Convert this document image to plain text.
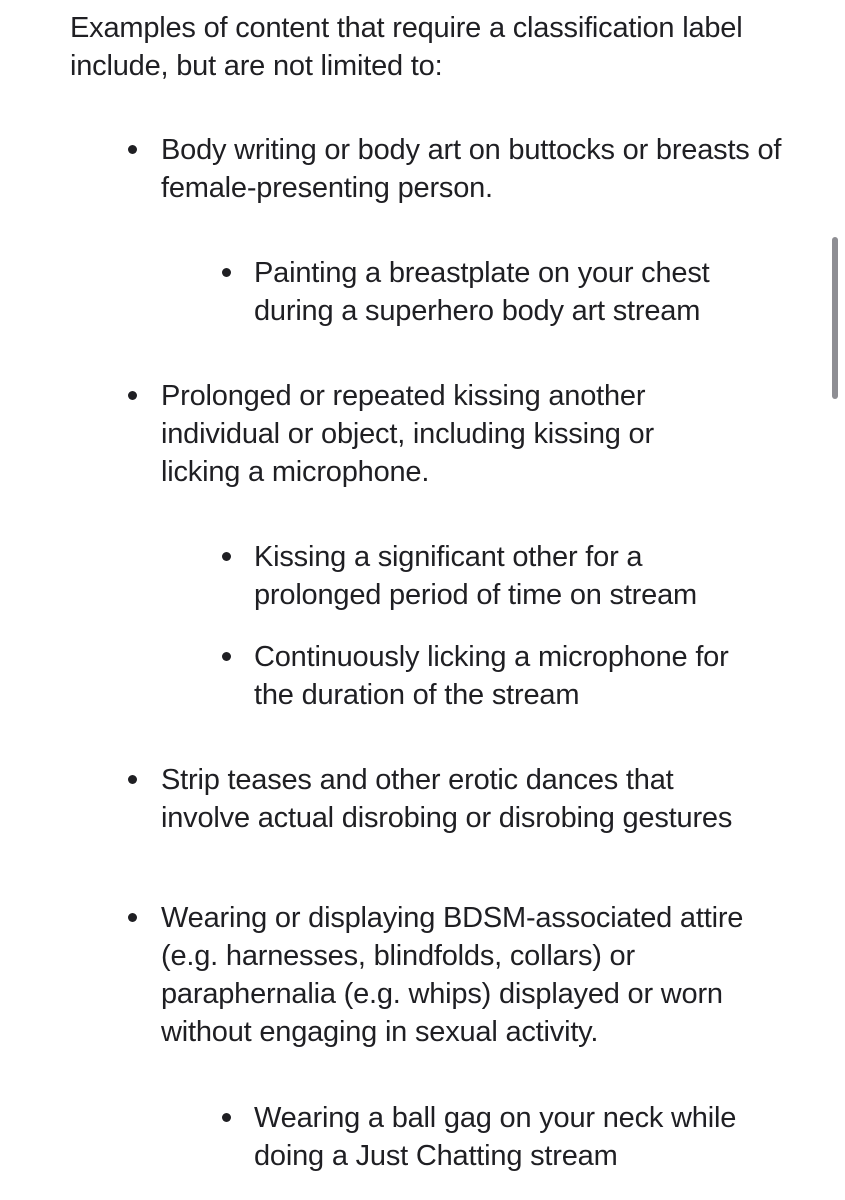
Examples of content that require a classification label include, but are not limited to:
Body writing or body art on buttocks or breasts of female-presenting person.
Painting a breastplate on your chest during a superhero body art stream
Prolonged or repeated kissing another individual or object, including kissing or licking a microphone.
Kissing a significant other for a prolonged period of time on stream
Continuously licking a microphone for the duration of the stream
Strip teases and other erotic dances that involve actual disrobing or disrobing gestures
Wearing or displaying BDSM-associated attire (e.g. harnesses, blindfolds, collars) or paraphernalia (e.g. whips) displayed or worn without engaging in sexual activity.
Wearing a ball gag on your neck while doing a Just Chatting stream
